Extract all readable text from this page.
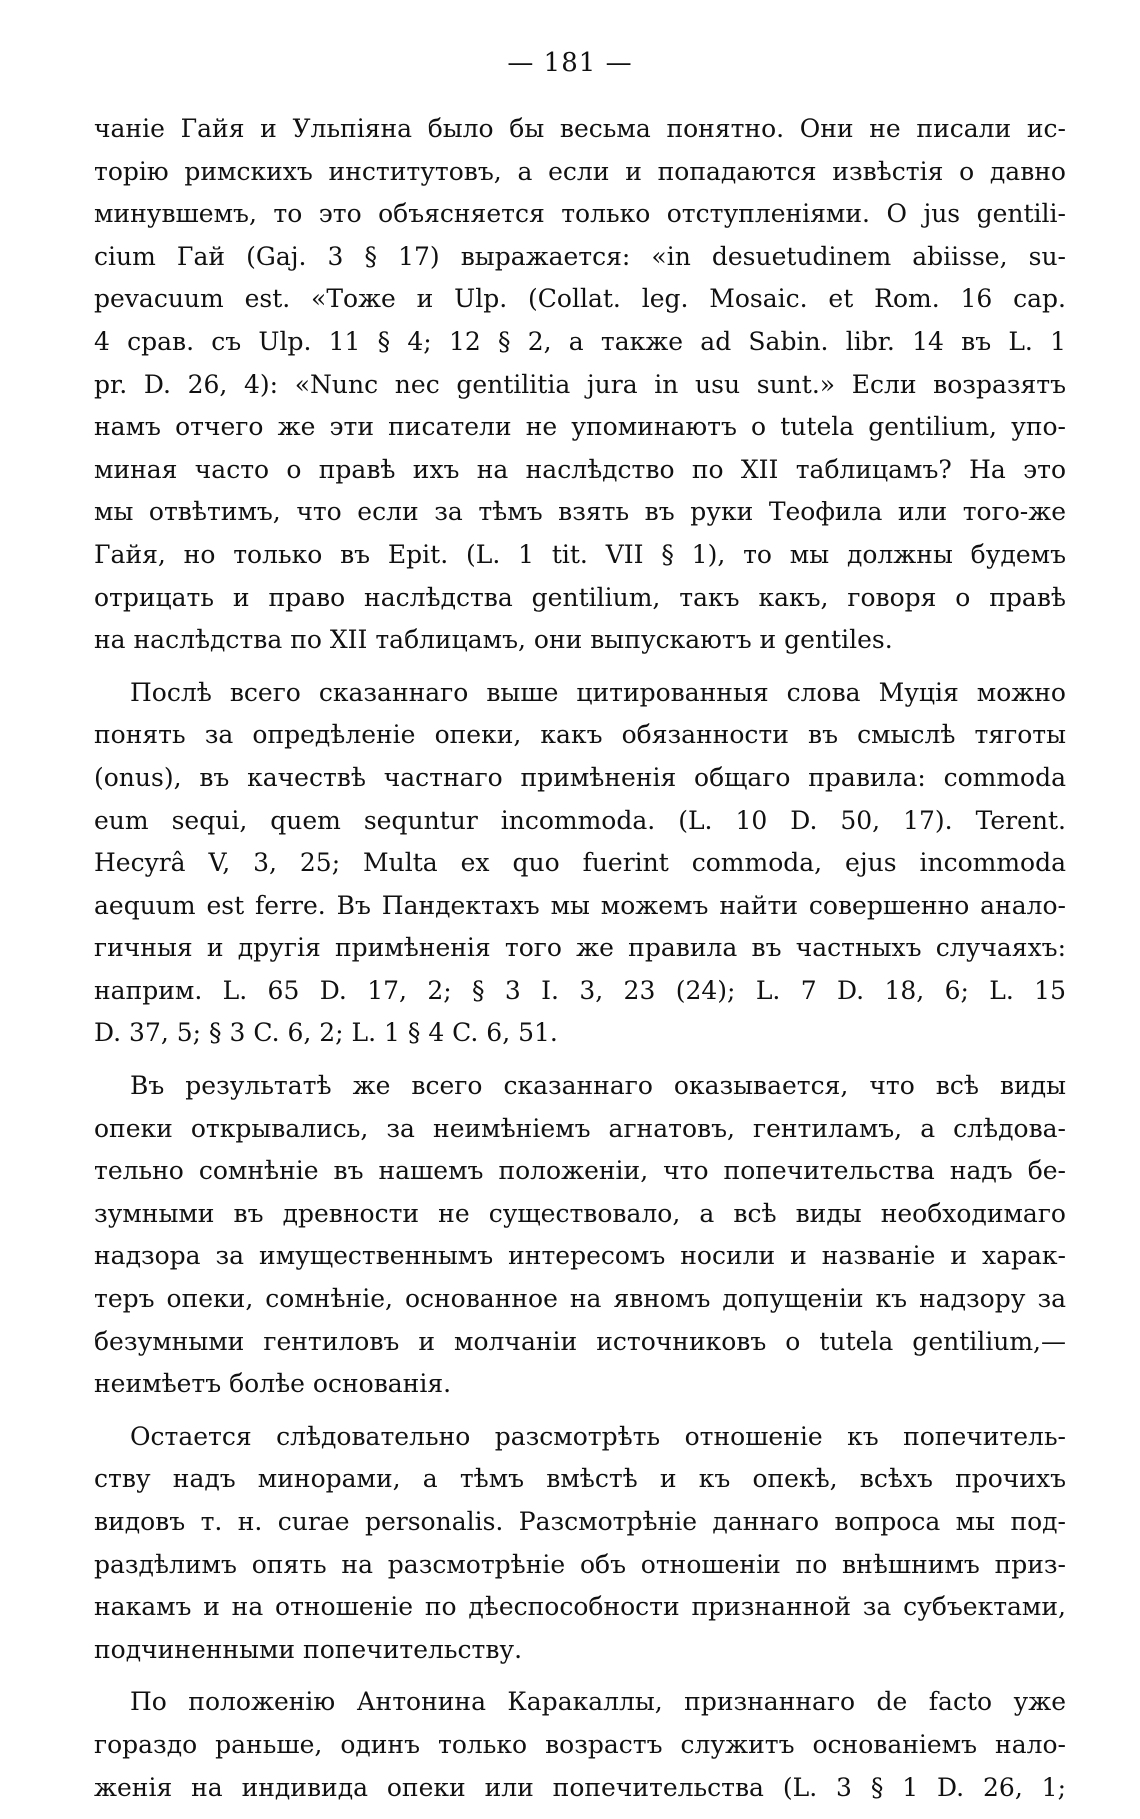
— 181 —
чаніе Гайя и Ульпіяна было бы весьма понятно. Они не писали ис-
торію римскихъ институтовъ, а если и попадаются извѣстія о давно
минувшемъ, то это объясняется только отступленіями. О jus gentili-
cium Гай (Gaj. 3 § 17) выражается: «in desuetudinem abiisse, su-
pevacuum est. «Тоже и Ulp. (Collat. leg. Mosaic. et Rom. 16 cap.
4 срав. съ Ulp. 11 § 4; 12 § 2, а также ad Sabin. libr. 14 въ L. 1
pr. D. 26, 4): «Nunc nec gentilitia jura in usu sunt.» Если возразятъ
намъ отчего же эти писатели не упоминаютъ о tutela gentilium, упо-
миная часто о правѣ ихъ на наслѣдство по XII таблицамъ? На это
мы отвѣтимъ, что если за тѣмъ взять въ руки Теофила или того-же
Гайя, но только въ Epit. (L. 1 tit. VII § 1), то мы должны будемъ
отрицать и право наслѣдства gentilium, такъ какъ, говоря о правѣ
на наслѣдства по XII таблицамъ, они выпускаютъ и gentiles.
Послѣ всего сказаннаго выше цитированныя слова Муція можно
понять за опредѣленіе опеки, какъ обязанности въ смыслѣ тяготы
(onus), въ качествѣ частнаго примѣненія общаго правила: commoda
eum sequi, quem sequntur incommoda. (L. 10 D. 50, 17). Terent.
Hecyrâ V, 3, 25; Multa ex quo fuerint commoda, ejus incommoda
aequum est ferre. Въ Пандектахъ мы можемъ найти совершенно анало-
гичныя и другія примѣненія того же правила въ частныхъ случаяхъ:
наприм. L. 65 D. 17, 2; § 3 I. 3, 23 (24); L. 7 D. 18, 6; L. 15
D. 37, 5; § 3 C. 6, 2; L. 1 § 4 C. 6, 51.
Въ результатѣ же всего сказаннаго оказывается, что всѣ виды
опеки открывались, за неимѣніемъ агнатовъ, гентиламъ, а слѣдова-
тельно сомнѣніе въ нашемъ положеніи, что попечительства надъ бе-
зумными въ древности не существовало, а всѣ виды необходимаго
надзора за имущественнымъ интересомъ носили и названіе и харак-
теръ опеки, сомнѣніе, основанное на явномъ допущеніи къ надзору за
безумными гентиловъ и молчаніи источниковъ о tutela gentilium,—
неимѣетъ болѣе основанія.
Остается слѣдовательно разсмотрѣть отношеніе къ попечитель-
ству надъ минорами, а тѣмъ вмѣстѣ и къ опекѣ, всѣхъ прочихъ
видовъ т. н. curae personalis. Разсмотрѣніе даннаго вопроса мы под-
раздѣлимъ опять на разсмотрѣніе объ отношеніи по внѣшнимъ приз-
накамъ и на отношеніе по дѣеспособности признанной за субъектами,
подчиненными попечительству.
По положенію Антонина Каракаллы, признаннаго de facto уже
гораздо раньше, одинъ только возрастъ служитъ основаніемъ нало-
женія на индивида опеки или попечительства (L. 3 § 1 D. 26, 1;
